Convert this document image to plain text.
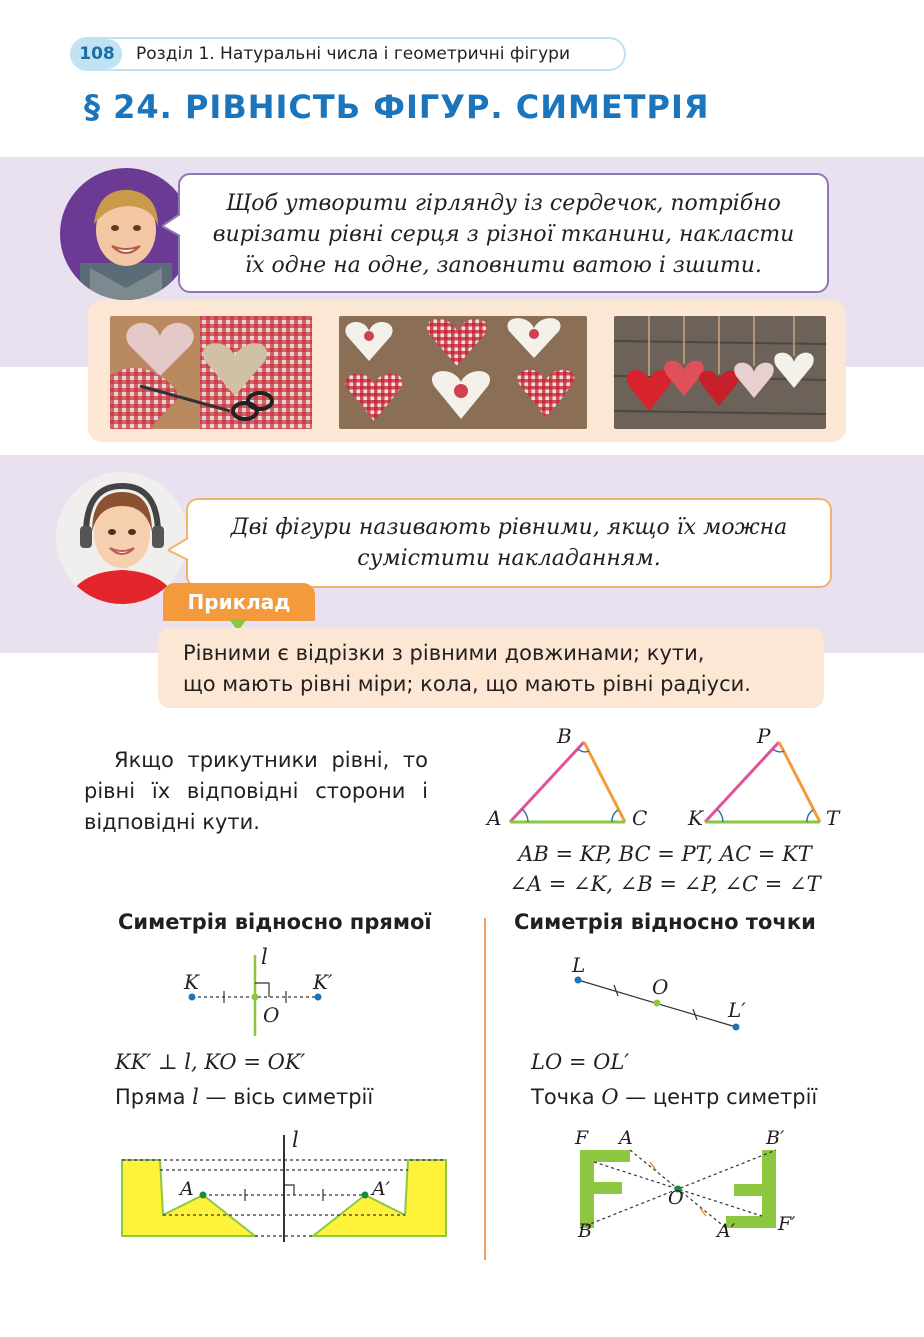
108	Розділ 1. Натуральні числа і геометричні фігури
§ 24. РІВНІСТЬ ФІГУР. СИМЕТРІЯ
Щоб утворити гірлянду із сердечок, потрібно
вирізати рівні серця з різної тканини, накласти
їх одне на одне, заповнити ватою і зшити.
Дві фігури називають рівними, якщо їх можна
сумістити накладанням.
Приклад
Рівними є відрізки з рівними довжинами; кути,
що мають рівні міри; кола, що мають рівні радіуси.
Якщо трикутники рівні, то рівні їх відповідні сторони і відповідні кути.	A
B
C K
P
T
AB = KP, BC = PT, AC = KT
∠A = ∠K, ∠B = ∠P, ∠C = ∠T
Симетрія відносно прямої
K	K′
O
l
KK′ ⊥ l, KO = OK′
Пряма l — вісь симетрії
A	A′
l
Симетрія відносно точки
L
O
L′
LO = OL′
Точка O — центр симетрії
F A	B′
O
B	A′ F′
